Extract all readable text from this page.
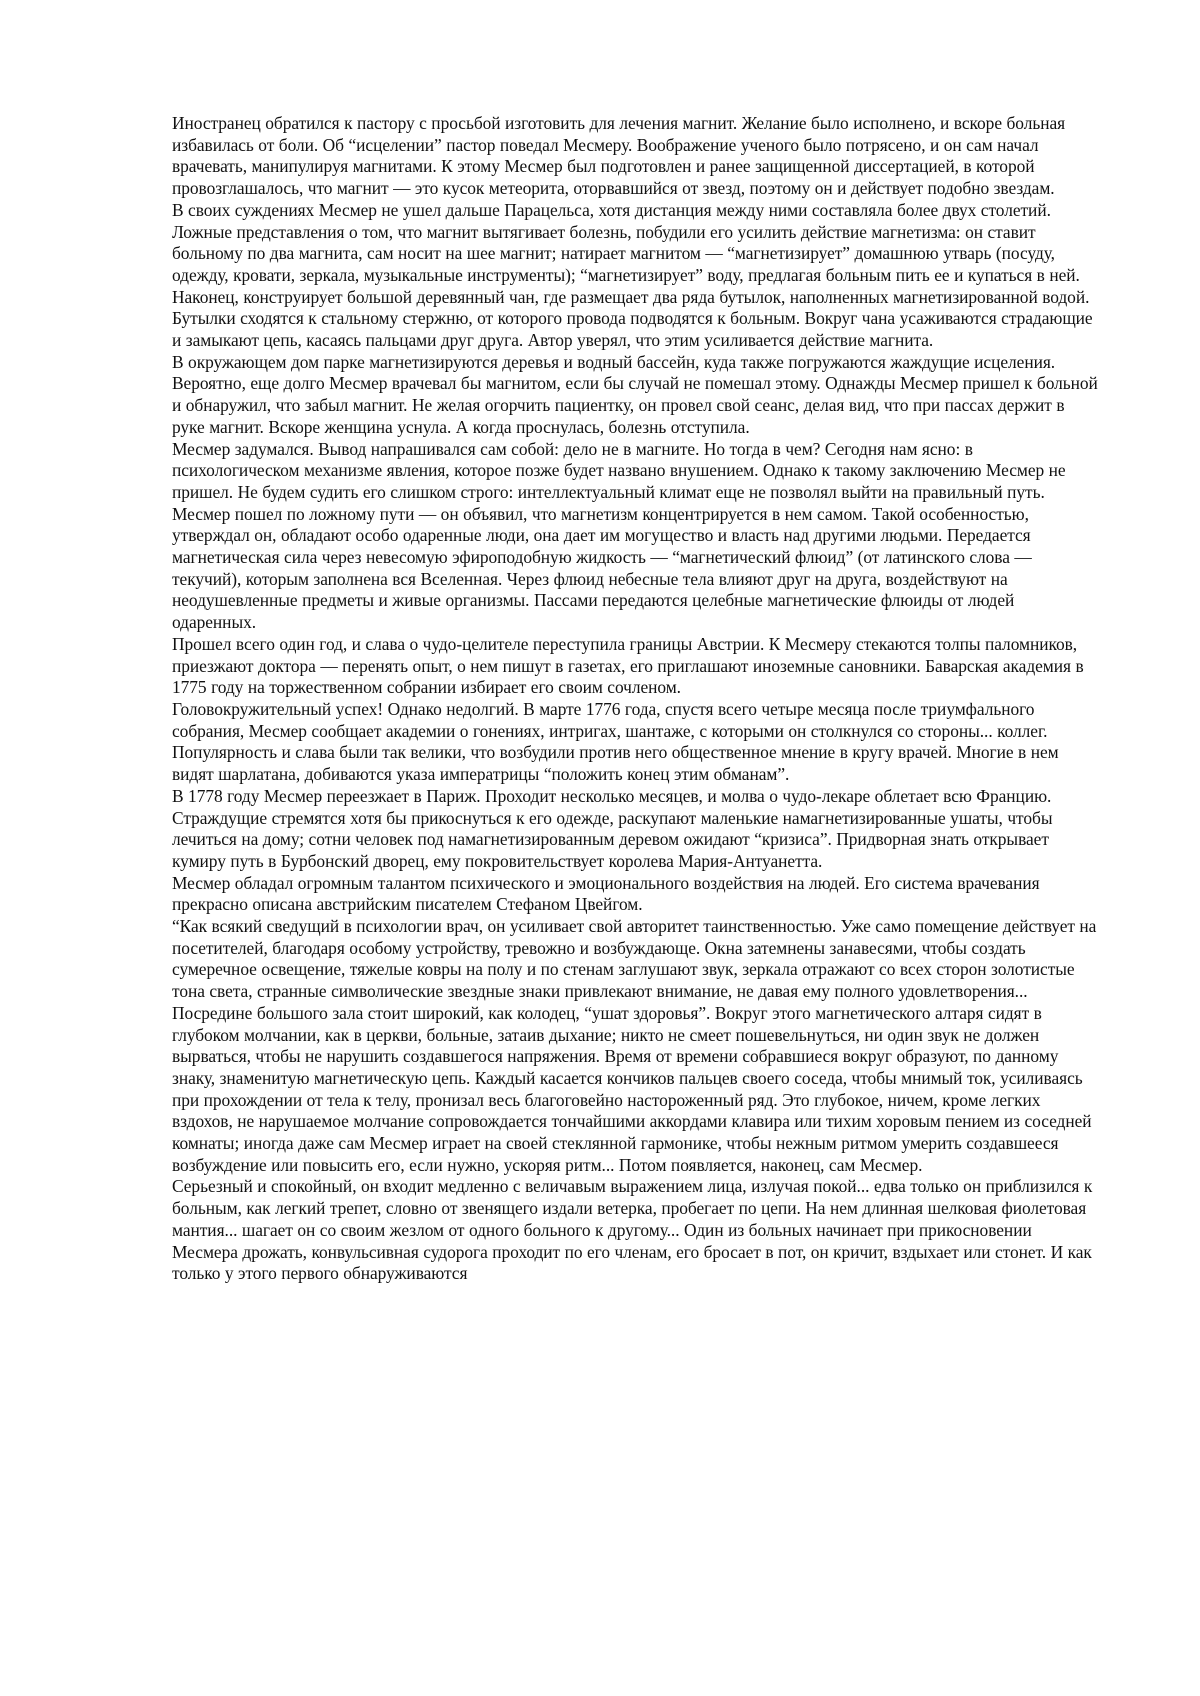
Иностранец обратился к пастору с просьбой изготовить для лечения магнит. Желание было исполнено, и вскоре больная избавилась от боли. Об “исцелении” пастор поведал Месмеру. Воображение ученого было потрясено, и он сам начал врачевать, манипулируя магнитами. К этому Месмер был подготовлен и ранее защищенной диссертацией, в которой провозглашалось, что магнит — это кусок метеорита, оторвавшийся от звезд, поэтому он и действует подобно звездам.

В своих суждениях Месмер не ушел дальше Парацельса, хотя дистанция между ними составляла более двух столетий. Ложные представления о том, что магнит вытягивает болезнь, побудили его усилить действие магнетизма: он ставит больному по два магнита, сам носит на шее магнит; натирает магнитом — “магнетизирует” домашнюю утварь (посуду, одежду, кровати, зеркала, музыкальные инструменты); “магнетизирует” воду, предлагая больным пить ее и купаться в ней. Наконец, конструирует большой деревянный чан, где размещает два ряда бутылок, наполненных магнетизированной водой. Бутылки сходятся к стальному стержню, от которого провода подводятся к больным. Вокруг чана усаживаются страдающие и замыкают цепь, касаясь пальцами друг друга. Автор уверял, что этим усиливается действие магнита.

В окружающем дом парке магнетизируются деревья и водный бассейн, куда также погружаются жаждущие исцеления.

Вероятно, еще долго Месмер врачевал бы магнитом, если бы случай не помешал этому. Однажды Месмер пришел к больной и обнаружил, что забыл магнит. Не желая огорчить пациентку, он провел свой сеанс, делая вид, что при пассах держит в руке магнит. Вскоре женщина уснула. А когда проснулась, болезнь отступила.

Месмер задумался. Вывод напрашивался сам собой: дело не в магните. Но тогда в чем? Сегодня нам ясно: в психологическом механизме явления, которое позже будет названо внушением. Однако к такому заключению Месмер не пришел. Не будем судить его слишком строго: интеллектуальный климат еще не позволял выйти на правильный путь. Месмер пошел по ложному пути — он объявил, что магнетизм концентрируется в нем самом. Такой особенностью, утверждал он, обладают особо одаренные люди, она дает им могущество и власть над другими людьми. Передается магнетическая сила через невесомую эфироподобную жидкость — “магнетический флюид” (от латинского слова — текучий), которым заполнена вся Вселенная. Через флюид небесные тела влияют друг на друга, воздействуют на неодушевленные предметы и живые организмы. Пассами передаются целебные магнетические флюиды от людей одаренных.

Прошел всего один год, и слава о чудо-целителе переступила границы Австрии. К Месмеру стекаются толпы паломников, приезжают доктора — перенять опыт, о нем пишут в газетах, его приглашают иноземные сановники. Баварская академия в 1775 году на торжественном собрании избирает его своим сочленом.

Головокружительный успех! Однако недолгий. В марте 1776 года, спустя всего четыре месяца после триумфального собрания, Месмер сообщает академии о гонениях, интригах, шантаже, с которыми он столкнулся со стороны... коллег. Популярность и слава были так велики, что возбудили против него общественное мнение в кругу врачей. Многие в нем видят шарлатана, добиваются указа императрицы “положить конец этим обманам”.

В 1778 году Месмер переезжает в Париж. Проходит несколько месяцев, и молва о чудо-лекаре облетает всю Францию. Страждущие стремятся хотя бы прикоснуться к его одежде, раскупают маленькие намагнетизированные ушаты, чтобы лечиться на дому; сотни человек под намагнетизированным деревом ожидают “кризиса”. Придворная знать открывает кумиру путь в Бурбонский дворец, ему покровительствует королева Мария-Антуанетта.

Месмер обладал огромным талантом психического и эмоционального воздействия на людей. Его система врачевания прекрасно описана австрийским писателем Стефаном Цвейгом.

“Как всякий сведущий в психологии врач, он усиливает свой авторитет таинственностью. Уже само помещение действует на посетителей, благодаря особому устройству, тревожно и возбуждающе. Окна затемнены занавесями, чтобы создать сумеречное освещение, тяжелые ковры на полу и по стенам заглушают звук, зеркала отражают со всех сторон золотистые тона света, странные символические звездные знаки привлекают внимание, не давая ему полного удовлетворения... Посредине большого зала стоит широкий, как колодец, “ушат здоровья”. Вокруг этого магнетического алтаря сидят в глубоком молчании, как в церкви, больные, затаив дыхание; никто не смеет пошевельнуться, ни один звук не должен вырваться, чтобы не нарушить создавшегося напряжения. Время от времени собравшиеся вокруг образуют, по данному знаку, знаменитую магнетическую цепь. Каждый касается кончиков пальцев своего соседа, чтобы мнимый ток, усиливаясь при прохождении от тела к телу, пронизал весь благоговейно настороженный ряд. Это глубокое, ничем, кроме легких вздохов, не нарушаемое молчание сопровождается тончайшими аккордами клавира или тихим хоровым пением из соседней комнаты; иногда даже сам Месмер играет на своей стеклянной гармонике, чтобы нежным ритмом умерить создавшееся возбуждение или повысить его, если нужно, ускоряя ритм... Потом появляется, наконец, сам Месмер.

Серьезный и спокойный, он входит медленно с величавым выражением лица, излучая покой... едва только он приблизился к больным, как легкий трепет, словно от звенящего издали ветерка, пробегает по цепи. На нем длинная шелковая фиолетовая мантия... шагает он со своим жезлом от одного больного к другому... Один из больных начинает при прикосновении Месмера дрожать, конвульсивная судорога проходит по его членам, его бросает в пот, он кричит, вздыхает или стонет. И как только у этого первого обнаруживаются
